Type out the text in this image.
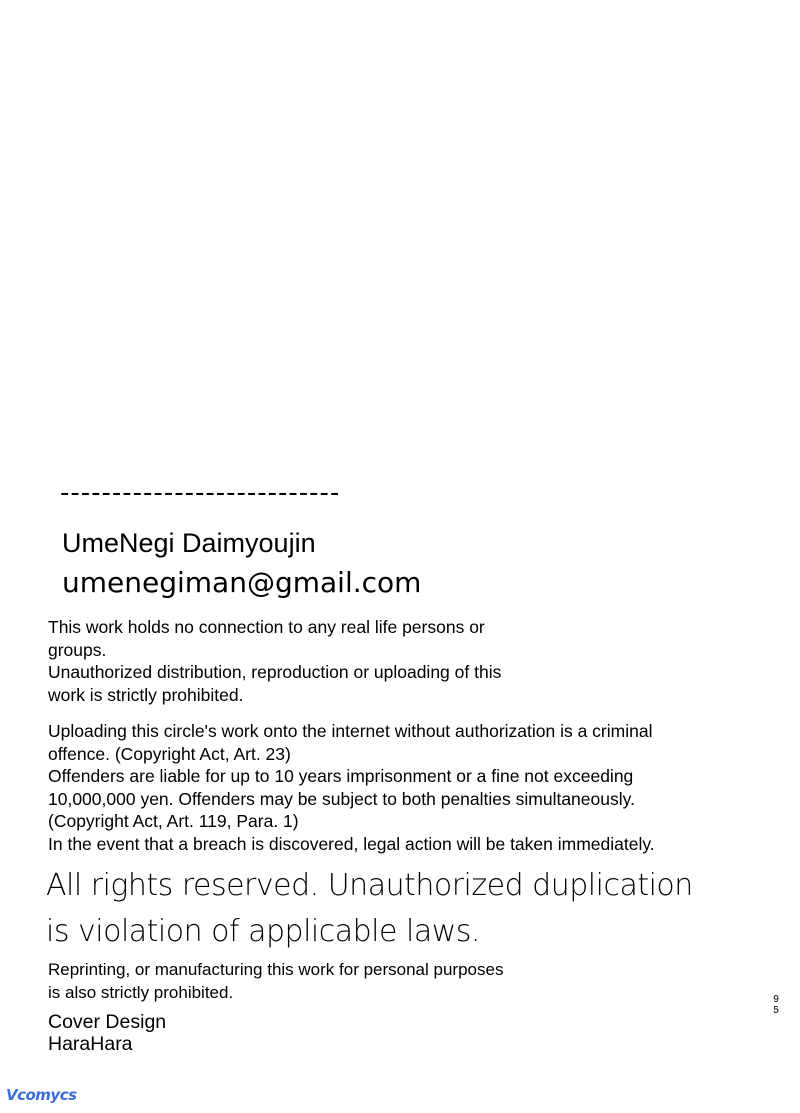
---------------------------
UmeNegi Daimyoujin
umenegiman@gmail.com
This work holds no connection to any real life persons or
groups.
Unauthorized distribution, reproduction or uploading of this
work is strictly prohibited.
Uploading this circle's work onto the internet without authorization is a criminal
offence. (Copyright Act, Art. 23)
Offenders are liable for up to 10 years imprisonment or a fine not exceeding
10,000,000 yen. Offenders may be subject to both penalties simultaneously.
(Copyright Act, Art. 119, Para. 1)
In the event that a breach is discovered, legal action will be taken immediately.
All rights reserved. Unauthorized duplication
is violation of applicable laws.
Reprinting, or manufacturing this work for personal purposes
is also strictly prohibited.
Cover Design
HaraHara
9
5
Vcomycs
